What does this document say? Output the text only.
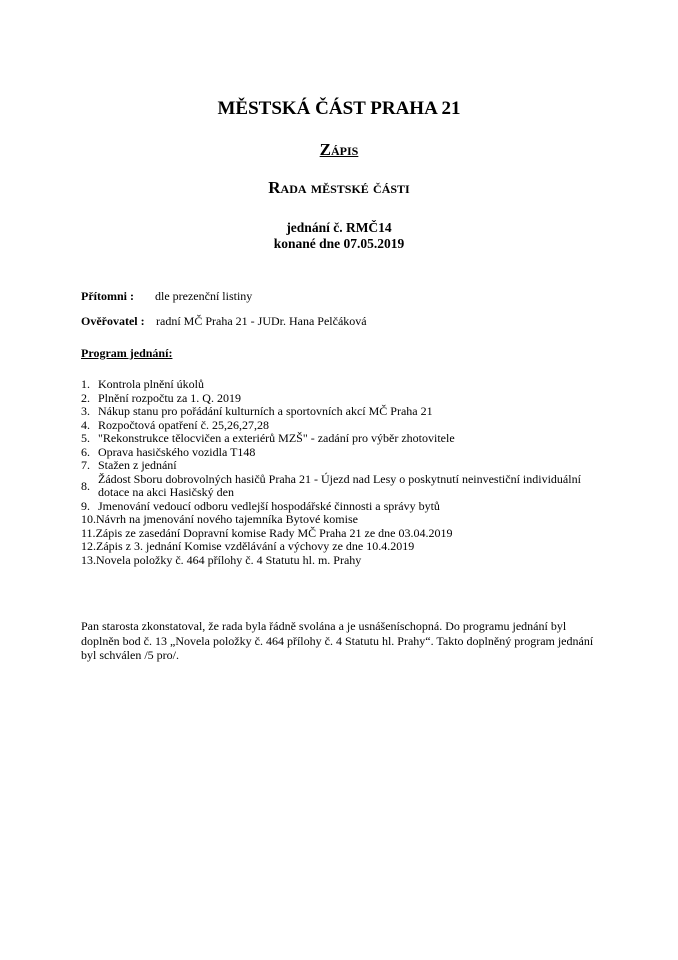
MĚSTSKÁ ČÁST PRAHA 21
Zápis
Rada městské části
jednání č. RMČ14
konané dne 07.05.2019
Přítomni : dle prezenční listiny
Ověřovatel : radní MČ Praha 21 - JUDr. Hana Pelčáková
Program jednání:
1. Kontrola plnění úkolů
2. Plnění rozpočtu za 1. Q. 2019
3. Nákup stanu pro pořádání kulturních a sportovních akcí MČ Praha 21
4. Rozpočtová opatření č. 25,26,27,28
5. "Rekonstrukce tělocvičen a exteriérů MZŠ" - zadání pro výběr zhotovitele
6. Oprava hasičského vozidla T148
7. Stažen z jednání
8. Žádost Sboru dobrovolných hasičů Praha 21 - Újezd nad Lesy o poskytnutí neinvestiční individuální dotace na akci Hasičský den
9. Jmenování vedoucí odboru vedlejší hospodářské činnosti a správy bytů
10. Návrh na jmenování nového tajemníka Bytové komise
11. Zápis ze zasedání Dopravní komise Rady MČ Praha 21 ze dne 03.04.2019
12. Zápis z 3. jednání Komise vzdělávání a výchovy ze dne 10.4.2019
13. Novela položky č. 464 přílohy č. 4 Statutu hl. m. Prahy
Pan starosta zkonstatoval, že rada byla řádně svolána a je usnášeníschopná. Do programu jednání byl doplněn bod č. 13 „Novela položky č. 464 přílohy č. 4 Statutu hl. Prahy“. Takto doplněný program jednání byl schválen /5 pro/.
